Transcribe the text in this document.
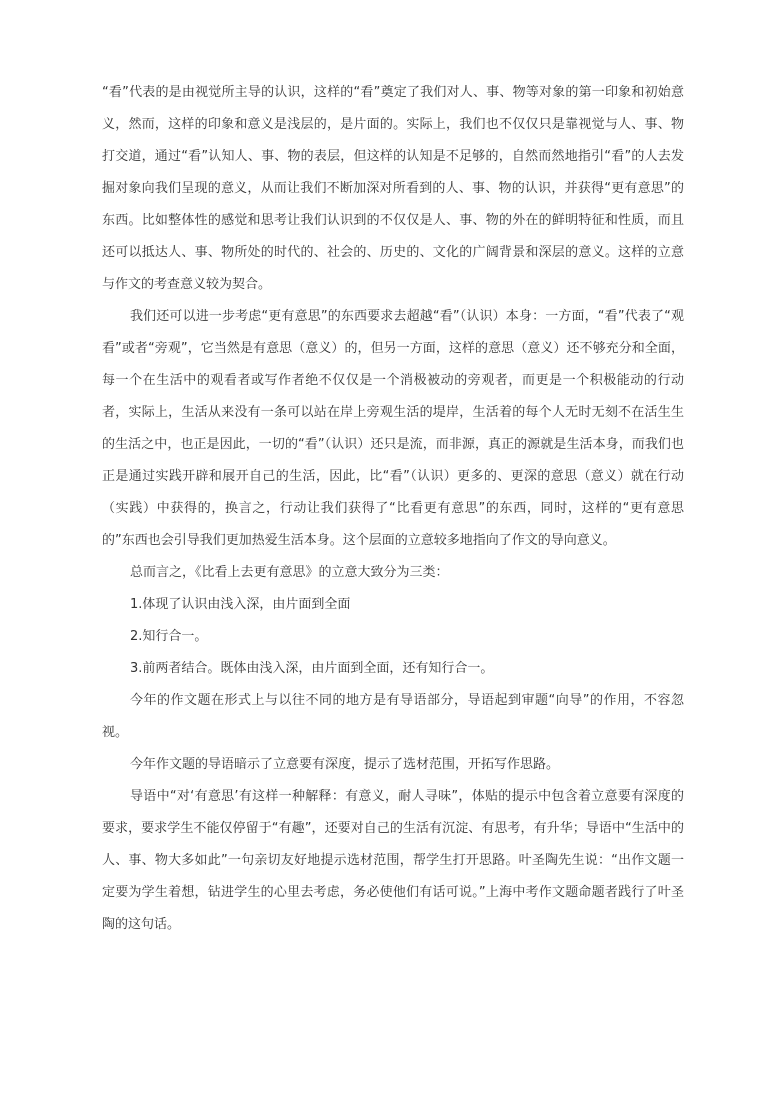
“看”代表的是由视觉所主导的认识，这样的“看”奠定了我们对人、事、物等对象的第一印象和初始意义，然而，这样的印象和意义是浅层的，是片面的。实际上，我们也不仅仅只是靠视觉与人、事、物打交道，通过“看”认知人、事、物的表层，但这样的认知是不足够的，自然而然地指引“看”的人去发掘对象向我们呈现的意义，从而让我们不断加深对所看到的人、事、物的认识，并获得“更有意思”的东西。比如整体性的感觉和思考让我们认识到的不仅仅是人、事、物的外在的鲜明特征和性质，而且还可以抵达人、事、物所处的时代的、社会的、历史的、文化的广阔背景和深层的意义。这样的立意与作文的考查意义较为契合。

我们还可以进一步考虑“更有意思”的东西要求去超越“看”（认识）本身：一方面，“看”代表了“观看”或者“旁观”，它当然是有意思（意义）的，但另一方面，这样的意思（意义）还不够充分和全面，每一个在生活中的观看者或写作者绝不仅仅是一个消极被动的旁观者，而更是一个积极能动的行动者，实际上，生活从来没有一条可以站在岸上旁观生活的堤岸，生活着的每个人无时无刻不在活生生的生活之中，也正是因此，一切的“看”（认识）还只是流，而非源，真正的源就是生活本身，而我们也正是通过实践开辟和展开自己的生活，因此，比“看”（认识）更多的、更深的意思（意义）就在行动（实践）中获得的，换言之，行动让我们获得了“比看更有意思”的东西，同时，这样的“更有意思的”东西也会引导我们更加热爱生活本身。这个层面的立意较多地指向了作文的导向意义。

总而言之，《比看上去更有意思》的立意大致分为三类：

1.体现了认识由浅入深，由片面到全面

2.知行合一。

3.前两者结合。既体由浅入深，由片面到全面，还有知行合一。

今年的作文题在形式上与以往不同的地方是有导语部分，导语起到审题“向导”的作用，不容忽视。

今年作文题的导语暗示了立意要有深度，提示了选材范围，开拓写作思路。

导语中“对‘有意思’有这样一种解释：有意义，耐人寻味”，体贴的提示中包含着立意要有深度的要求，要求学生不能仅停留于“有趣”，还要对自己的生活有沉淀、有思考，有升华；导语中“生活中的人、事、物大多如此”一句亲切友好地提示选材范围，帮学生打开思路。叶圣陶先生说：“出作文题一定要为学生着想，钻进学生的心里去考虑，务必使他们有话可说。”上海中考作文题命题者践行了叶圣陶的这句话。
